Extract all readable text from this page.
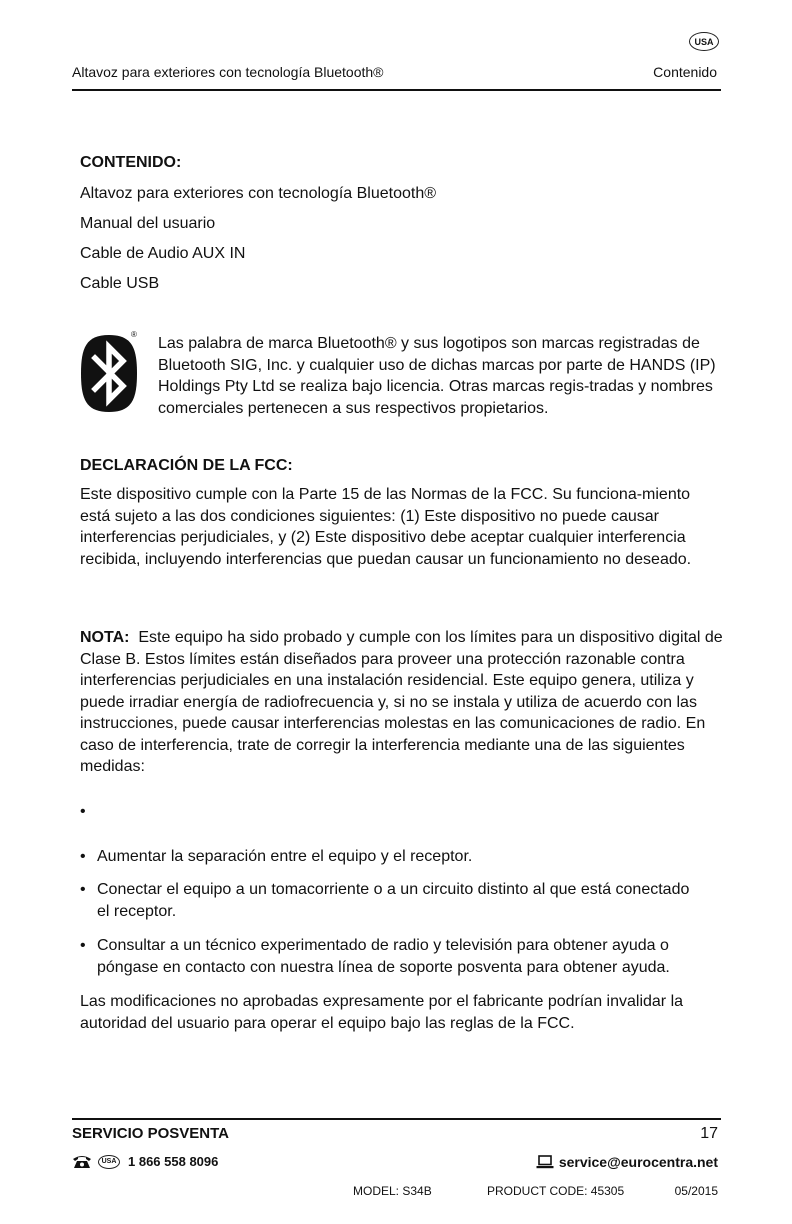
USA
Altavoz para exteriores con tecnología Bluetooth®	Contenido
CONTENIDO:
Altavoz para exteriores con tecnología Bluetooth®
Manual del usuario
Cable de Audio AUX IN
Cable USB
®
Las palabra de marca Bluetooth® y sus logotipos son marcas registradas de Bluetooth SIG, Inc. y cualquier uso de dichas marcas por parte de HANDS (IP) Holdings Pty Ltd se realiza bajo licencia. Otras marcas regis-tradas y nombres comerciales pertenecen a sus respectivos propietarios.
DECLARACIÓN DE LA FCC:
Este dispositivo cumple con la Parte 15 de las Normas de la FCC. Su funciona-miento está sujeto a las dos condiciones siguientes: (1) Este dispositivo no puede causar interferencias perjudiciales, y (2) Este dispositivo debe aceptar cualquier interferencia recibida, incluyendo interferencias que puedan causar un funcionamiento no deseado.
NOTA: Este equipo ha sido probado y cumple con los límites para un dispositivo digital de Clase B. Estos límites están diseñados para proveer una protección razonable contra interferencias perjudiciales en una instalación residencial. Este equipo genera, utiliza y puede irradiar energía de radiofrecuencia y, si no se instala y utiliza de acuerdo con las instrucciones, puede causar interferencias molestas en las comunicaciones de radio. En caso de interferencia, trate de corregir la interferencia mediante una de las siguientes medidas:
•
• Aumentar la separación entre el equipo y el receptor.
• Conectar el equipo a un tomacorriente o a un circuito distinto al que está conectado el receptor.
• Consultar a un técnico experimentado de radio y televisión para obtener ayuda o póngase en contacto con nuestra línea de soporte posventa para obtener ayuda.
Las modificaciones no aprobadas expresamente por el fabricante podrían invalidar la autoridad del usuario para operar el equipo bajo las reglas de la FCC.
SERVICIO POSVENTA	17
USA 1 866 558 8096	service@eurocentra.net
MODEL: S34B	PRODUCT CODE: 45305	05/2015
